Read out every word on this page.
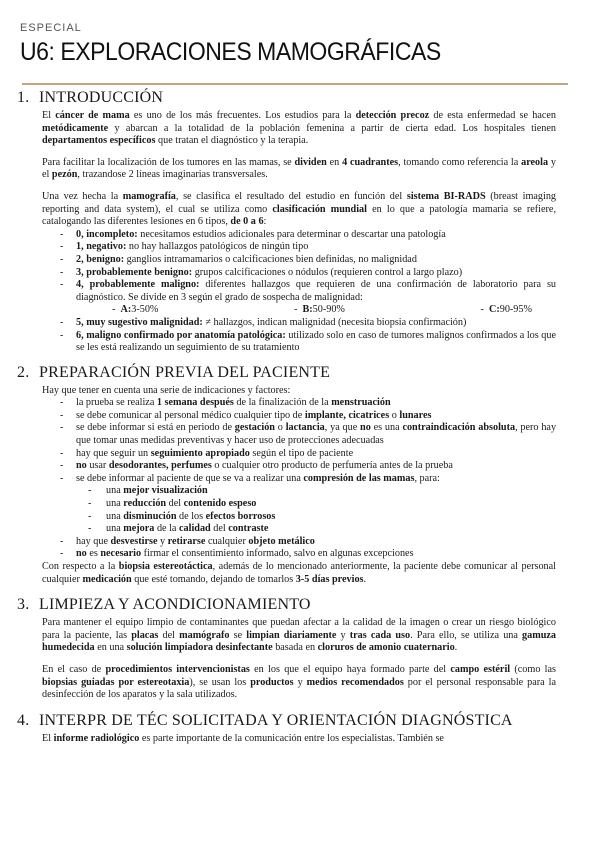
ESPECIAL
U6: EXPLORACIONES MAMOGRÁFICAS
1. INTRODUCCIÓN

El cáncer de mama es uno de los más frecuentes. Los estudios para la detección precoz de esta enfermedad se hacen metódicamente y abarcan a la totalidad de la población femenina a partir de cierta edad. Los hospitales tienen departamentos específicos que tratan el diagnóstico y la terapia.

Para facilitar la localización de los tumores en las mamas, se dividen en 4 cuadrantes, tomando como referencia la areola y el pezón, trazandose 2 líneas imaginarias transversales.

Una vez hecha la mamografía, se clasifica el resultado del estudio en función del sistema BI-RADS (breast imaging reporting and data system), el cual se utiliza como clasificación mundial en lo que a patología mamaria se refiere, catalogando las diferentes lesiones en 6 tipos, de 0 a 6:

- 0, incompleto: necesitamos estudios adicionales para determinar o descartar una patología
- 1, negativo: no hay hallazgos patológicos de ningún tipo
- 2, benigno: ganglios intramamarios o calcificaciones bien definidas, no malignidad
- 3, probablemente benigno: grupos calcificaciones o nódulos (requieren control a largo plazo)
- 4, probablemente maligno: diferentes hallazgos que requieren de una confirmación de laboratorio para su diagnóstico. Se divide en 3 según el grado de sospecha de malignidad:
-  A:3-50%	-  B:50-90%	-  C:90-95%
- 5, muy sugestivo malignidad: ≠ hallazgos, indican malignidad (necesita biopsia confirmación)
- 6, maligno confirmado por anatomía patológica: utilizado solo en caso de tumores malignos confirmados a los que se les está realizando un seguimiento de su tratamiento
2. PREPARACIÓN PREVIA DEL PACIENTE

Hay que tener en cuenta una serie de indicaciones y factores:

- la prueba se realiza 1 semana después de la finalización de la menstruación
- se debe comunicar al personal médico cualquier tipo de implante, cicatrices o lunares
- se debe informar si está en periodo de gestación o lactancia, ya que no es una contraindicación absoluta, pero hay que tomar unas medidas preventivas y hacer uso de protecciones adecuadas
- hay que seguir un seguimiento apropiado según el tipo de paciente
- no usar desodorantes, perfumes o cualquier otro producto de perfumería antes de la prueba
- se debe informar al paciente de que se va a realizar una compresión de las mamas, para:
- una mejor visualización
- una reducción del contenido espeso
- una disminución de los efectos borrosos
- una mejora de la calidad del contraste
- hay que desvestirse y retirarse cualquier objeto metálico
- no es necesario firmar el consentimiento informado, salvo en algunas excepciones

Con respecto a la biopsia estereotáctica, además de lo mencionado anteriormente, la paciente debe comunicar al personal cualquier medicación que esté tomando, dejando de tomarlos 3-5 días previos.

3. LIMPIEZA Y ACONDICIONAMIENTO

Para mantener el equipo limpio de contaminantes que puedan afectar a la calidad de la imagen o crear un riesgo biológico para la paciente, las placas del mamógrafo se limpian diariamente y tras cada uso. Para ello, se utiliza una gamuza humedecida en una solución limpiadora desinfectante basada en cloruros de amonio cuaternario.

En el caso de procedimientos intervencionistas en los que el equipo haya formado parte del campo estéril (como las biopsias guiadas por estereotaxia), se usan los productos y medios recomendados por el personal responsable para la desinfección de los aparatos y la sala utilizados.

4. INTERPR DE TÉC SOLICITADA Y ORIENTACIÓN DIAGNÓSTICA

El informe radiológico es parte importante de la comunicación entre los especialistas. También se
